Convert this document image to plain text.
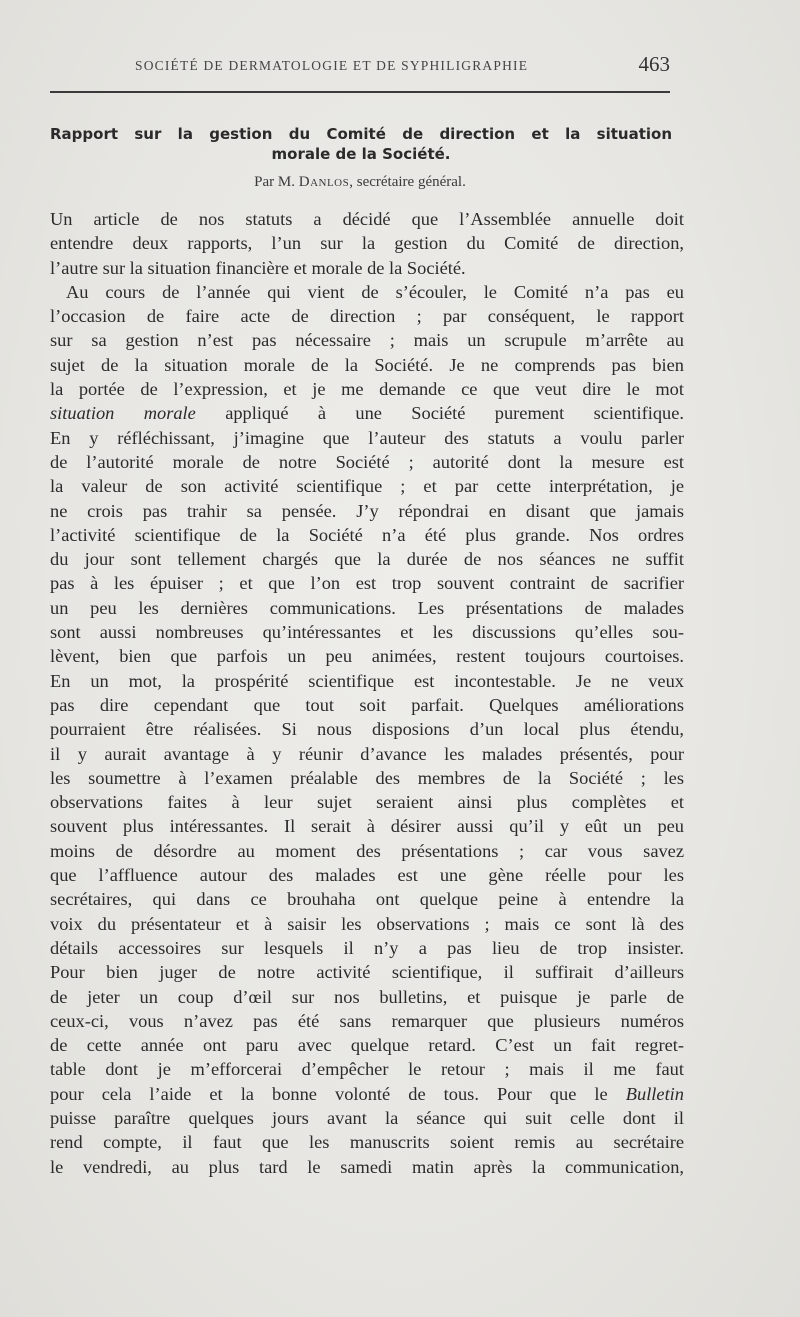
SOCIÉTÉ DE DERMATOLOGIE ET DE SYPHILIGRAPHIE	463
Rapport sur la gestion du Comité de direction et la situation
morale de la Société.
Par M. Danlos, secrétaire général.
Un article de nos statuts a décidé que l’Assemblée annuelle doit
entendre deux rapports, l’un sur la gestion du Comité de direction,
l’autre sur la situation financière et morale de la Société.
Au cours de l’année qui vient de s’écouler, le Comité n’a pas eu
l’occasion de faire acte de direction ; par conséquent, le rapport
sur sa gestion n’est pas nécessaire ; mais un scrupule m’arrête au
sujet de la situation morale de la Société. Je ne comprends pas bien
la portée de l’expression, et je me demande ce que veut dire le mot
situation morale appliqué à une Société purement scientifique.
En y réfléchissant, j’imagine que l’auteur des statuts a voulu parler
de l’autorité morale de notre Société ; autorité dont la mesure est
la valeur de son activité scientifique ; et par cette interprétation, je
ne crois pas trahir sa pensée. J’y répondrai en disant que jamais
l’activité scientifique de la Société n’a été plus grande. Nos ordres
du jour sont tellement chargés que la durée de nos séances ne suffit
pas à les épuiser ; et que l’on est trop souvent contraint de sacrifier
un peu les dernières communications. Les présentations de malades
sont aussi nombreuses qu’intéressantes et les discussions qu’elles sou-
lèvent, bien que parfois un peu animées, restent toujours courtoises.
En un mot, la prospérité scientifique est incontestable. Je ne veux
pas dire cependant que tout soit parfait. Quelques améliorations
pourraient être réalisées. Si nous disposions d’un local plus étendu,
il y aurait avantage à y réunir d’avance les malades présentés, pour
les soumettre à l’examen préalable des membres de la Société ; les
observations faites à leur sujet seraient ainsi plus complètes et
souvent plus intéressantes. Il serait à désirer aussi qu’il y eût un peu
moins de désordre au moment des présentations ; car vous savez
que l’affluence autour des malades est une gène réelle pour les
secrétaires, qui dans ce brouhaha ont quelque peine à entendre la
voix du présentateur et à saisir les observations ; mais ce sont là des
détails accessoires sur lesquels il n’y a pas lieu de trop insister.
Pour bien juger de notre activité scientifique, il suffirait d’ailleurs
de jeter un coup d’œil sur nos bulletins, et puisque je parle de
ceux-ci, vous n’avez pas été sans remarquer que plusieurs numéros
de cette année ont paru avec quelque retard. C’est un fait regret-
table dont je m’efforcerai d’empêcher le retour ; mais il me faut
pour cela l’aide et la bonne volonté de tous. Pour que le Bulletin
puisse paraître quelques jours avant la séance qui suit celle dont il
rend compte, il faut que les manuscrits soient remis au secrétaire
le vendredi, au plus tard le samedi matin après la communication,
